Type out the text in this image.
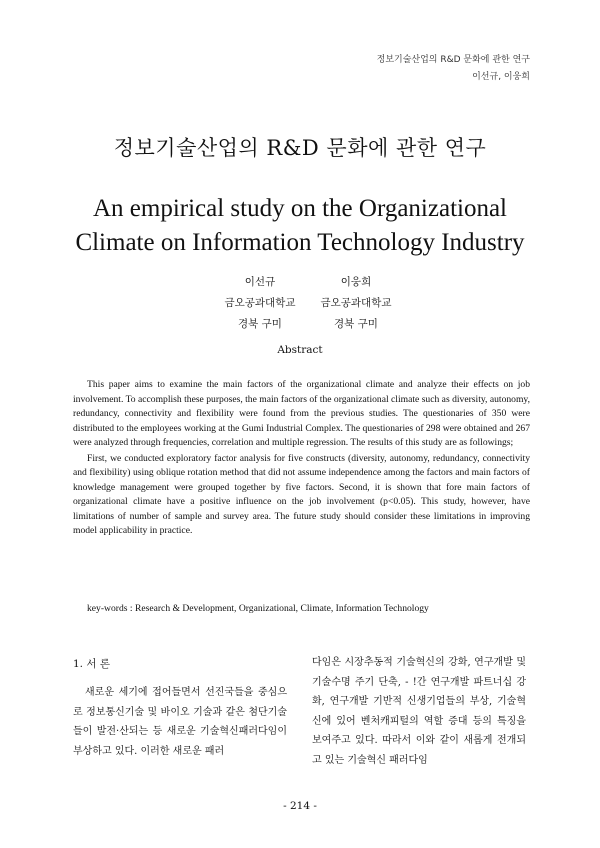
정보기술산업의 R&D 문화에 관한 연구
이선규, 이웅희
정보기술산업의 R&D 문화에 관한 연구
An empirical study on the Organizational
Climate on Information Technology Industry
이선규
금오공과대학교
경북 구미
이웅희
금오공과대학교
경북 구미
Abstract

This paper aims to examine the main factors of the organizational climate and analyze their effects on job involvement. To accomplish these purposes, the main factors of the organizational climate such as diversity, autonomy, redundancy, connectivity and flexibility were found from the previous studies. The questionaries of 350 were distributed to the employees working at the Gumi Industrial Complex. The questionaries of 298 were obtained and 267 were analyzed through frequencies, correlation and multiple regression. The results of this study are as followings;

First, we conducted exploratory factor analysis for five constructs (diversity, autonomy, redundancy, connectivity and flexibility) using oblique rotation method that did not assume independence among the factors and main factors of knowledge management were grouped together by five factors. Second, it is shown that fore main factors of organizational climate have a positive influence on the job involvement (p<0.05). This study, however, have limitations of number of sample and survey area. The future study should consider these limitations in improving model applicability in practice.

key-words : Research & Development, Organizational, Climate, Information Technology
1. 서 론

새로운 세기에 접어들면서 선진국들을 중심으로 정보통신기술 및 바이오 기술과 같은 첨단기술들이 발전·산되는 등 새로운 기술혁신패러다임이 부상하고 있다. 이러한 새로운 패러

다임은 시장추동적 기술혁신의 강화, 연구개발 및 기술수명 주기 단축, - !간 연구개발 파트너십 강화, 연구개발 기반적 신생기업들의 부상, 기술혁신에 있어 벤처캐피털의 역할 증대 등의 특징을 보여주고 있다. 따라서 이와 같이 새롭게 전개되고 있는 기술혁신 패러다임

- 214 -
